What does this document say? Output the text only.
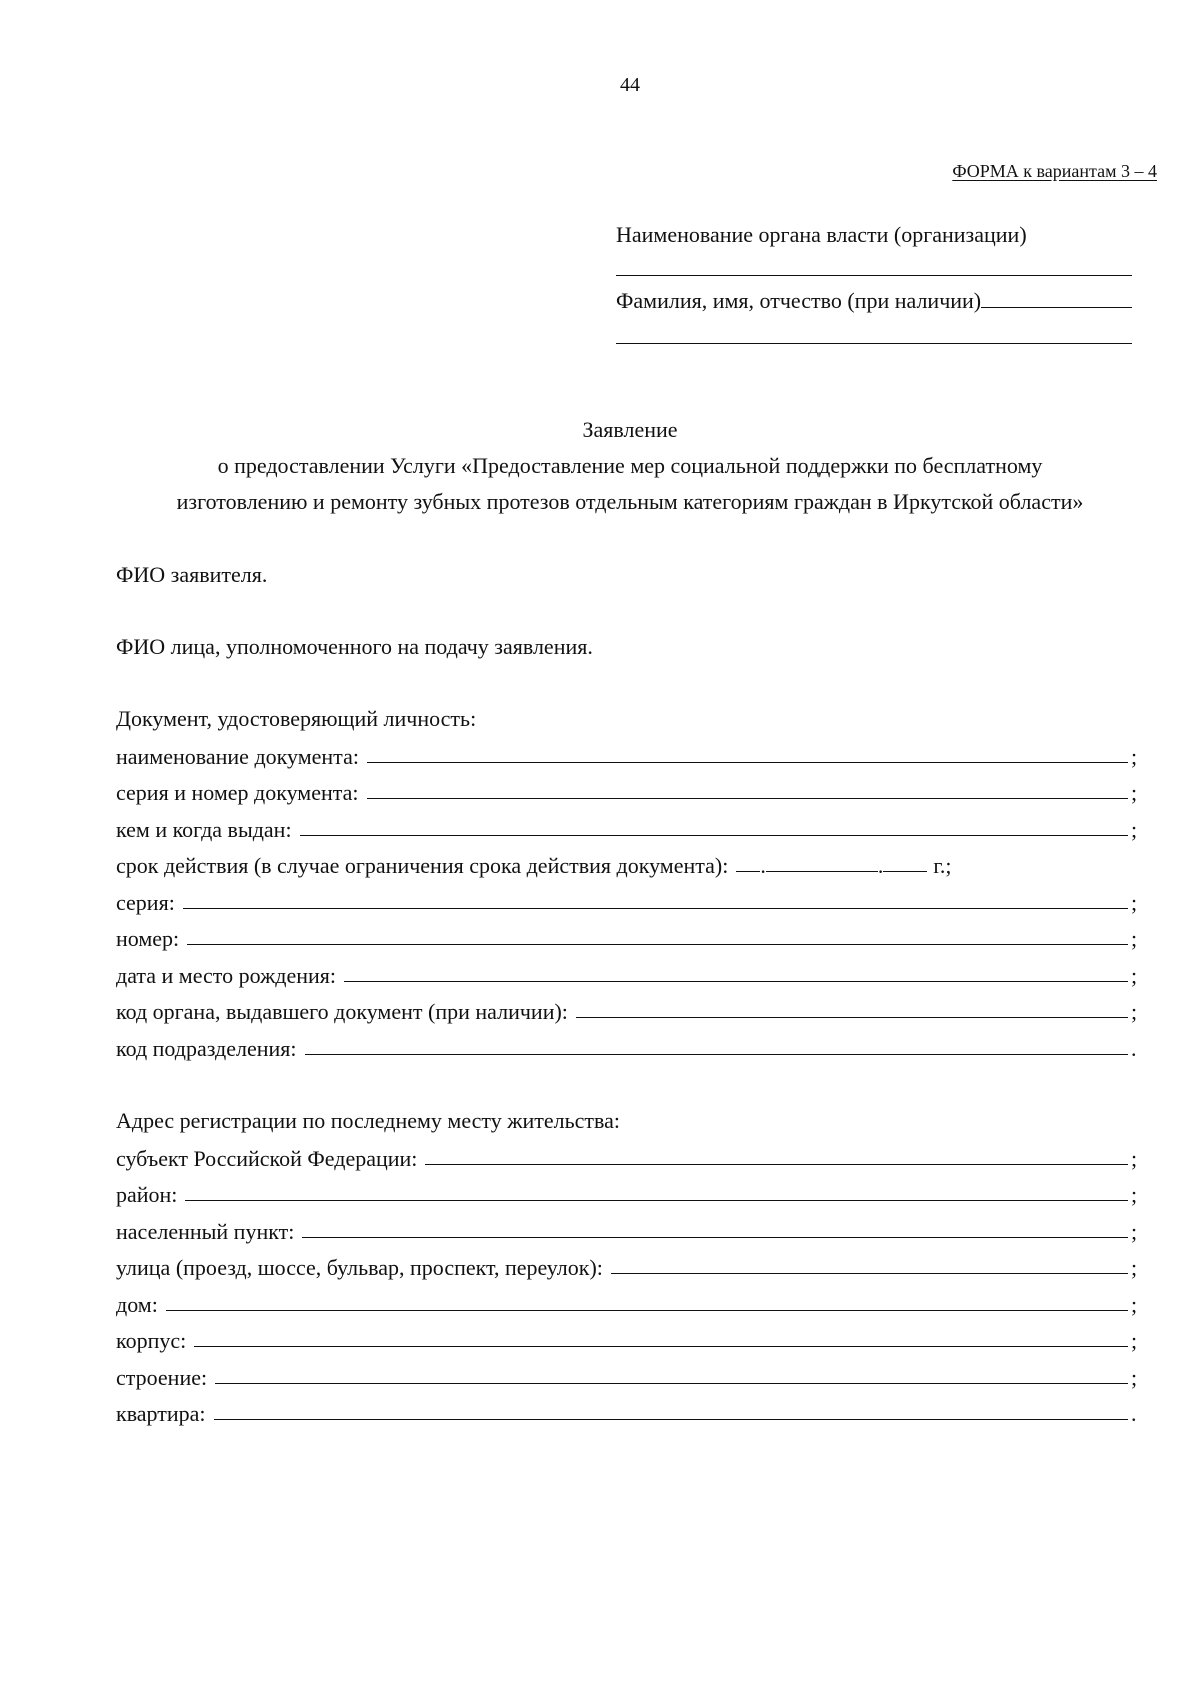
44
ФОРМА к вариантам 3 – 4
Наименование органа власти (организации)
Фамилия, имя, отчество (при наличии)
Заявление
о предоставлении Услуги «Предоставление мер социальной поддержки по бесплатному
изготовлению и ремонту зубных протезов отдельным категориям граждан в Иркутской области»
ФИО заявителя.
ФИО лица, уполномоченного на подачу заявления.
Документ, удостоверяющий личность:
наименование документа:	;
серия и номер документа:	;
кем и когда выдан:	;
срок действия (в случае ограничения срока действия документа): .	. г.;
серия:	;
номер:	;
дата и место рождения:	;
код органа, выдавшего документ (при наличии):	;
код подразделения:	.
Адрес регистрации по последнему месту жительства:
субъект Российской Федерации:	;
район:	;
населенный пункт:	;
улица (проезд, шоссе, бульвар, проспект, переулок):	;
дом:	;
корпус:	;
строение:	;
квартира:	.
